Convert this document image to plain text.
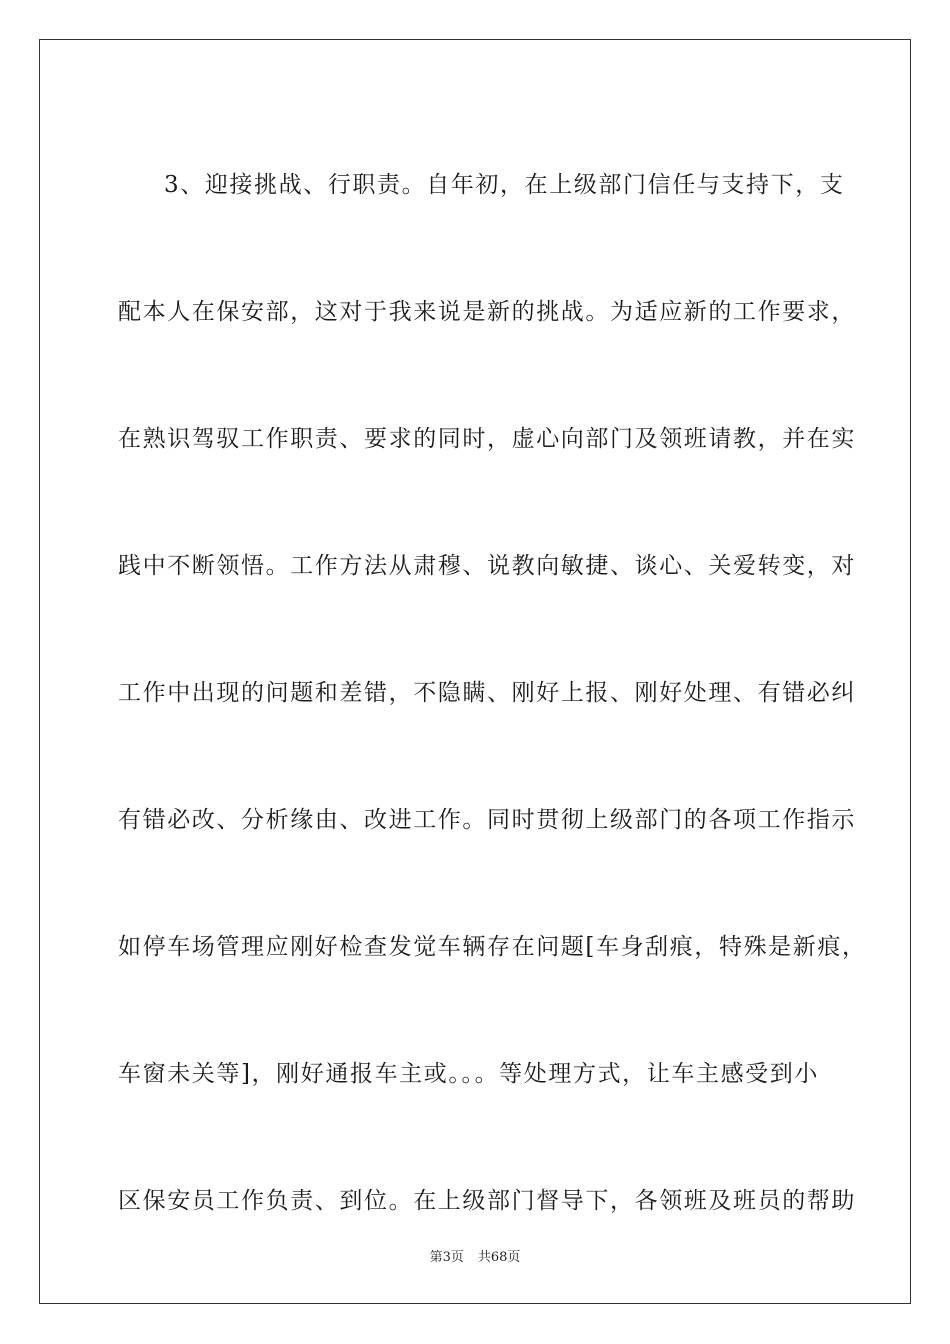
3、迎接挑战、行职责。自年初，在上级部门信任与支持下，支
配本人在保安部，这对于我来说是新的挑战。为适应新的工作要求，
在熟识驾驭工作职责、要求的同时，虚心向部门及领班请教，并在实
践中不断领悟。工作方法从肃穆、说教向敏捷、谈心、关爱转变，对
工作中出现的问题和差错，不隐瞒、刚好上报、刚好处理、有错必纠
有错必改、分析缘由、改进工作。同时贯彻上级部门的各项工作指示
如停车场管理应刚好检查发觉车辆存在问题[车身刮痕，特殊是新痕，
车窗未关等]，刚好通报车主或。。。等处理方式，让车主感受到小
区保安员工作负责、到位。在上级部门督导下，各领班及班员的帮助
第3页 共68页
